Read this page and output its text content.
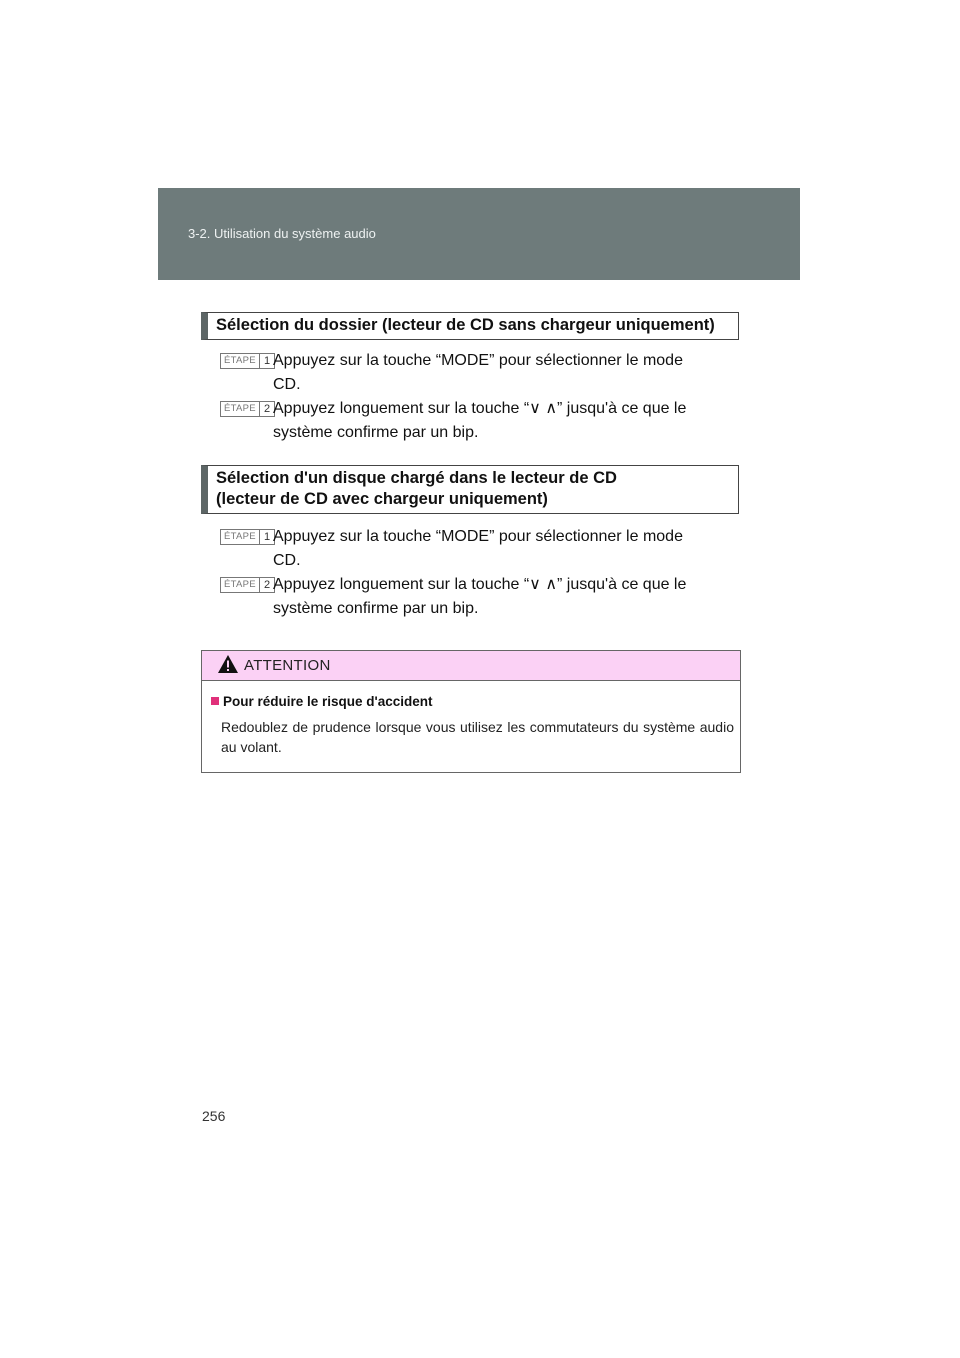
3-2. Utilisation du système audio
Sélection du dossier (lecteur de CD sans chargeur uniquement)
ÉTAPE 1 Appuyez sur la touche “MODE” pour sélectionner le mode
CD.
ÉTAPE 2 Appuyez longuement sur la touche “∨ ∧” jusqu'à ce que le
système confirme par un bip.
Sélection d'un disque chargé dans le lecteur de CD
(lecteur de CD avec chargeur uniquement)
ÉTAPE 1 Appuyez sur la touche “MODE” pour sélectionner le mode
CD.
ÉTAPE 2 Appuyez longuement sur la touche “∨ ∧” jusqu'à ce que le
système confirme par un bip.
ATTENTION
Pour réduire le risque d'accident
Redoublez de prudence lorsque vous utilisez les commutateurs du système audio au volant.
256
